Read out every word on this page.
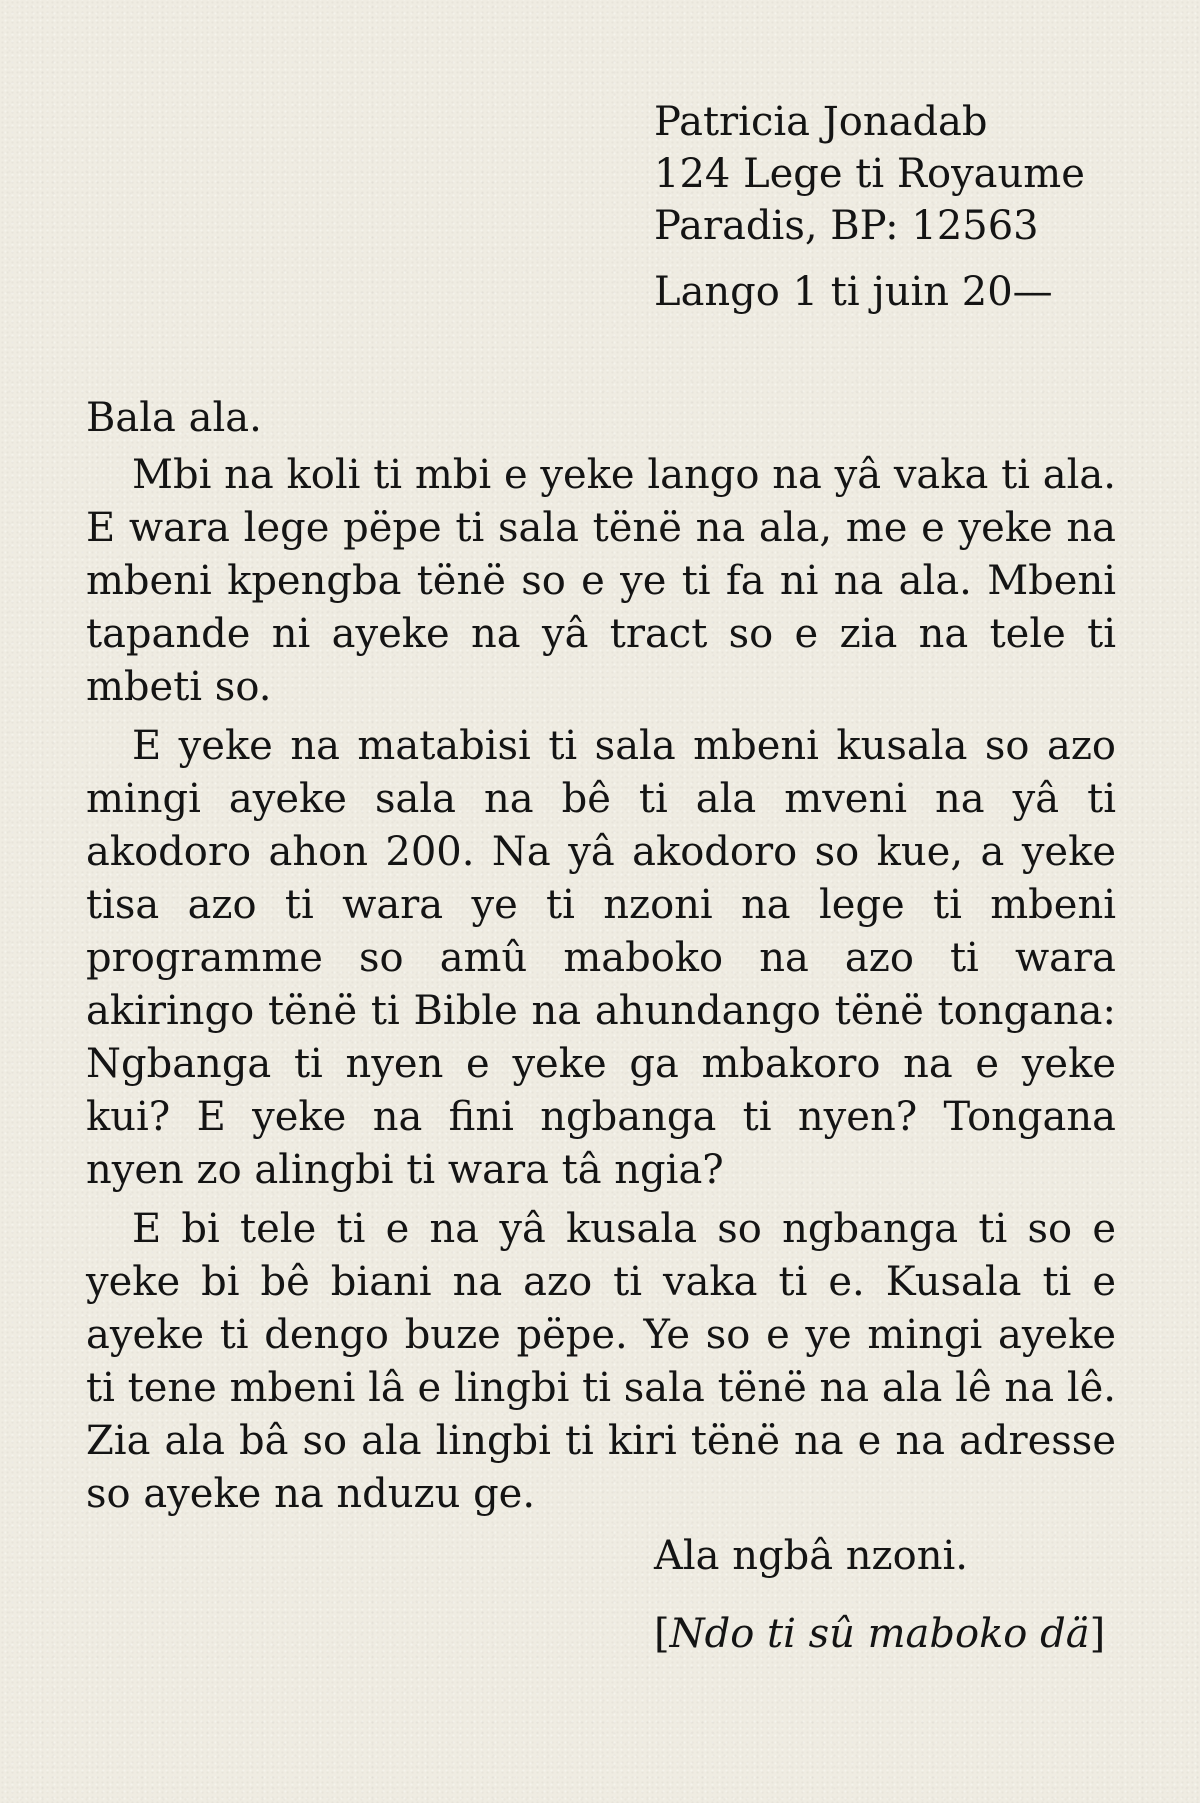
Patricia Jonadab
124 Lege ti Royaume
Paradis, BP: 12563
Lango 1 ti juin 20—
Bala ala.

Mbi na koli ti mbi e yeke lango na yâ vaka ti ala. E wara lege pëpe ti sala tënë na ala, me e yeke na mbeni kpengba tënë so e ye ti fa ni na ala. Mbeni tapande ni ayeke na yâ tract so e zia na tele ti mbeti so.

E yeke na matabisi ti sala mbeni kusala so azo mingi ayeke sala na bê ti ala mveni na yâ ti akodoro ahon 200. Na yâ akodoro so kue, a yeke tisa azo ti wara ye ti nzoni na lege ti mbeni programme so amû maboko na azo ti wara akiringo tënë ti Bible na ahundango tënë tongana: Ngbanga ti nyen e yeke ga mbakoro na e yeke kui? E yeke na fini ngbanga ti nyen? Tongana nyen zo alingbi ti wara tâ ngia?

E bi tele ti e na yâ kusala so ngbanga ti so e yeke bi bê biani na azo ti vaka ti e. Kusala ti e ayeke ti dengo buze pëpe. Ye so e ye mingi ayeke ti tene mbeni lâ e lingbi ti sala tënë na ala lê na lê. Zia ala bâ so ala lingbi ti kiri tënë na e na adresse so ayeke na nduzu ge.

Ala ngbâ nzoni.
[Ndo ti sû maboko dä]
